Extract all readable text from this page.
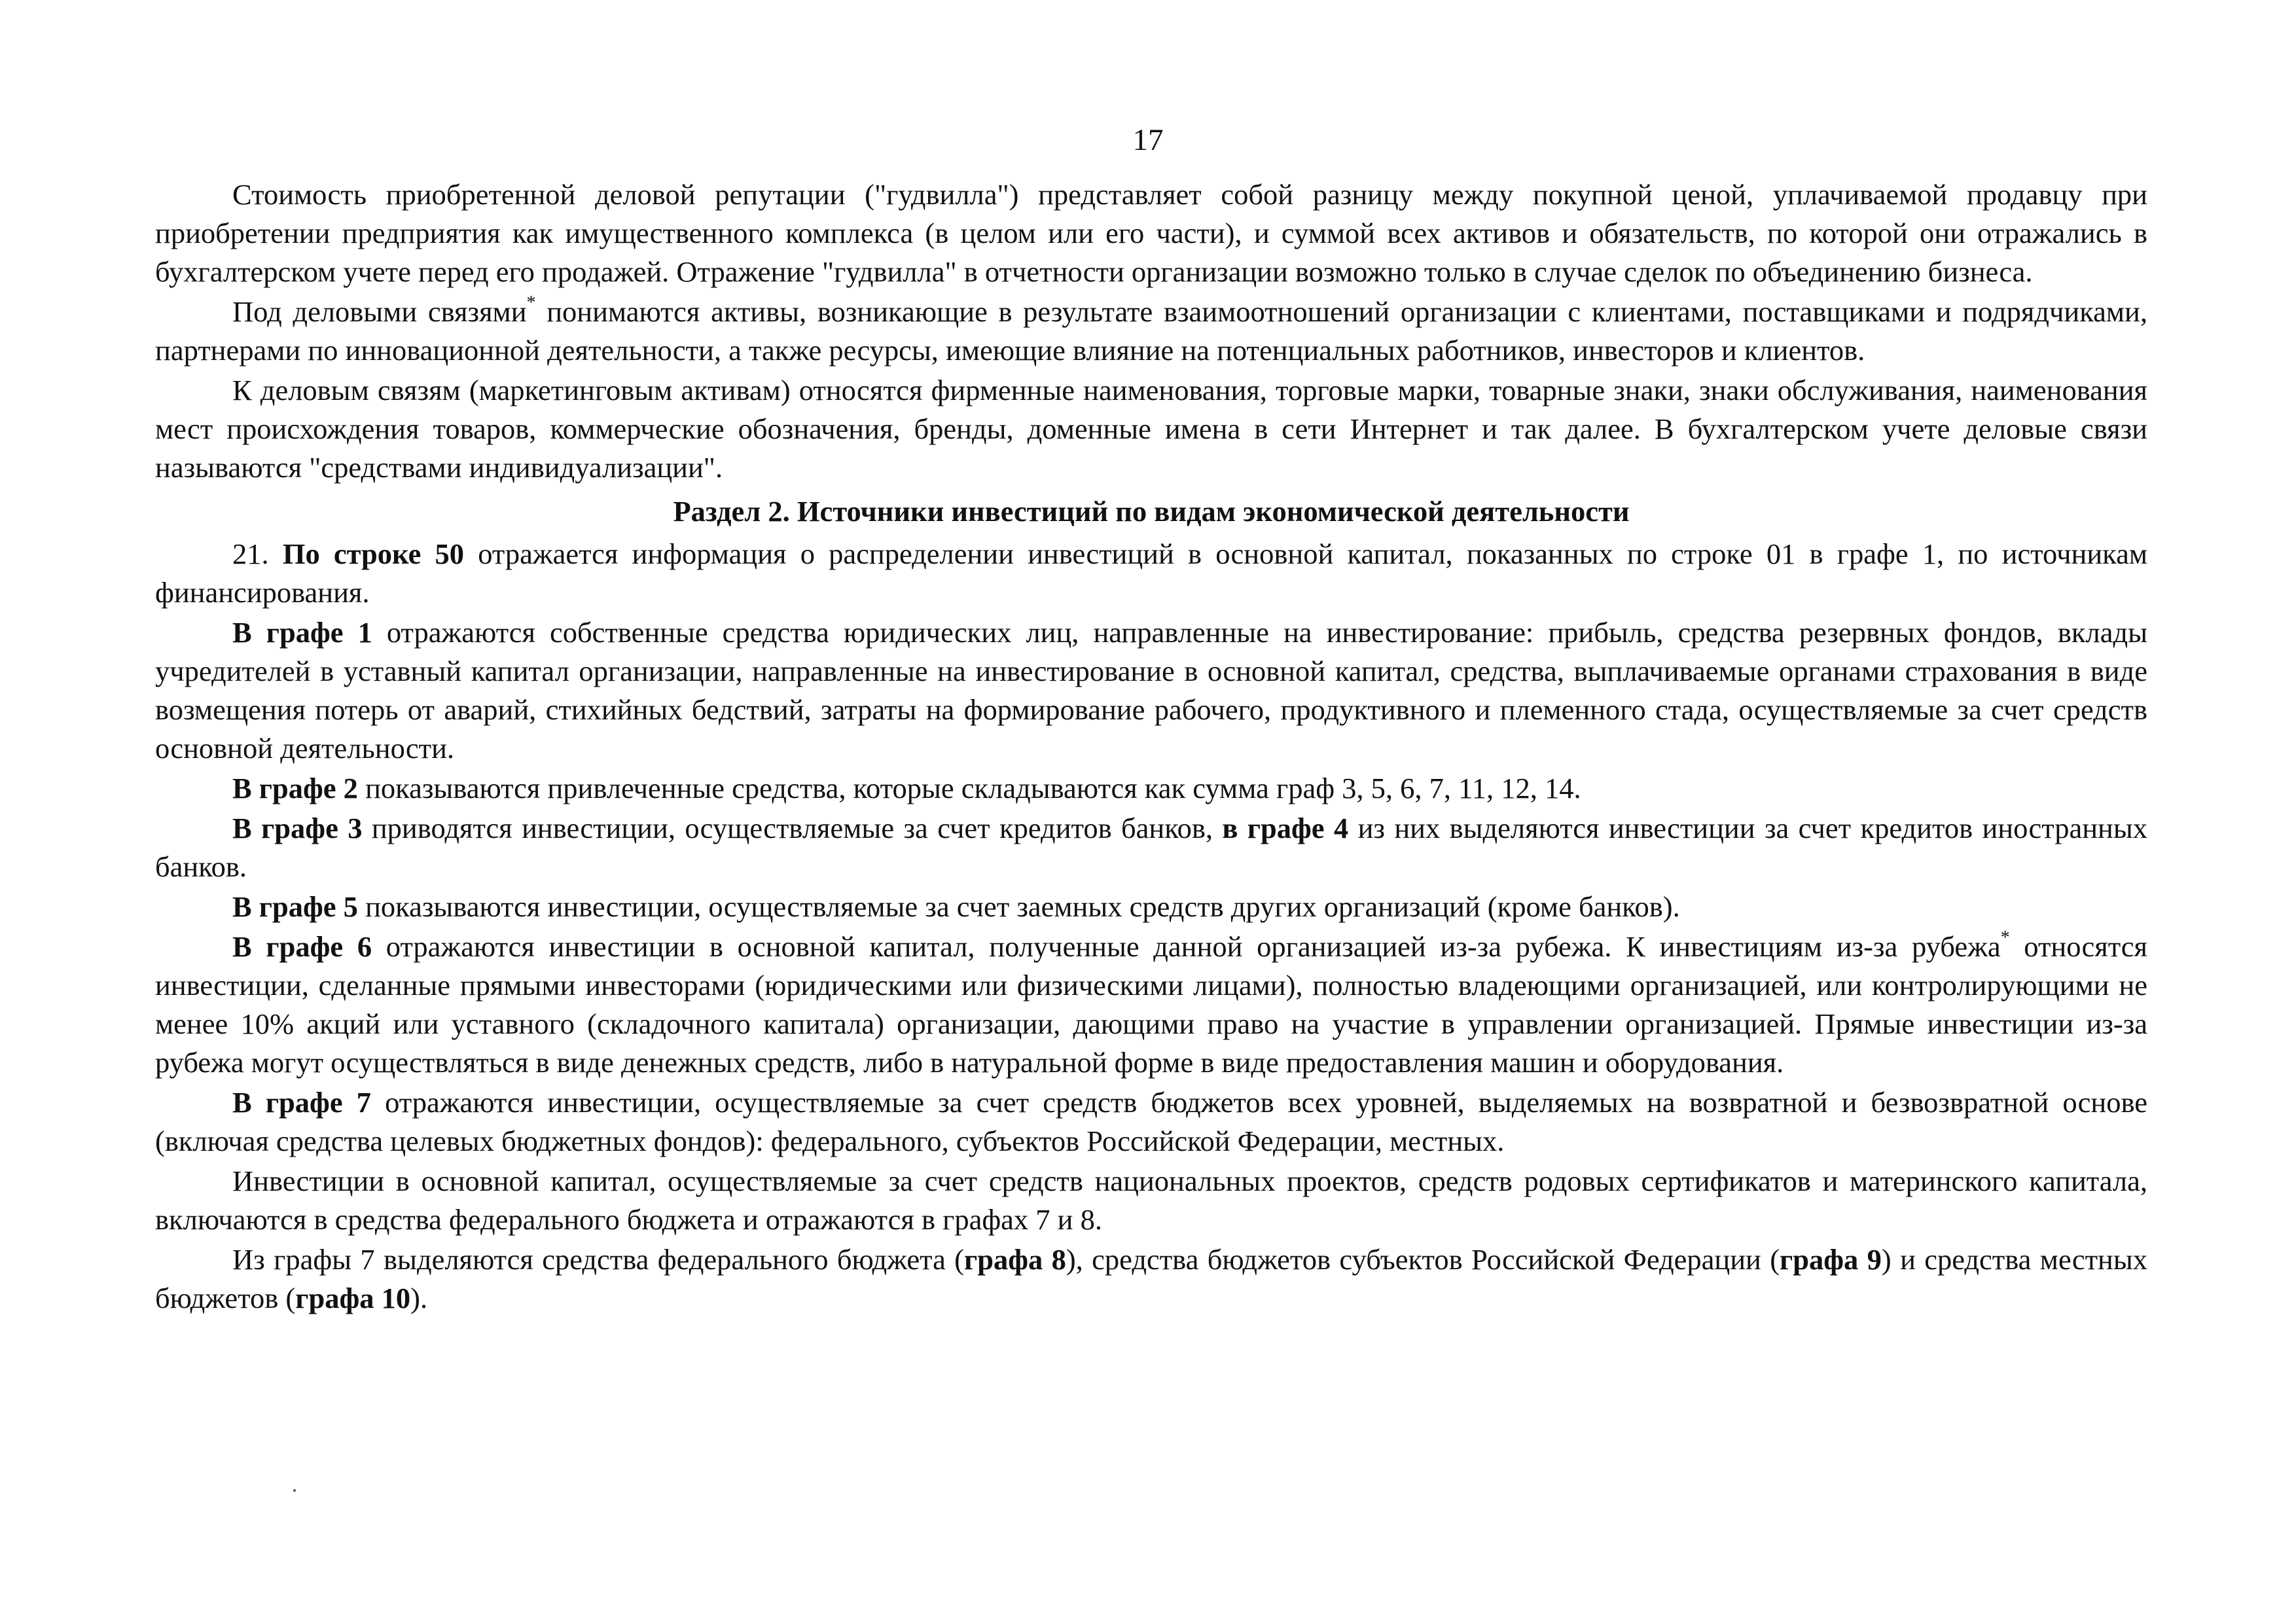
17

Стоимость приобретенной деловой репутации ("гудвилла") представляет собой разницу между покупной ценой, уплачиваемой продавцу при приобретении предприятия как имущественного комплекса (в целом или его части), и суммой всех активов и обязательств, по которой они отражались в бухгалтерском учете перед его продажей. Отражение "гудвилла" в отчетности организации возможно только в случае сделок по объединению бизнеса.

Под деловыми связями* понимаются активы, возникающие в результате взаимоотношений организации с клиентами, поставщиками и подрядчиками, партнерами по инновационной деятельности, а также ресурсы, имеющие влияние на потенциальных работников, инвесторов и клиентов.

К деловым связям (маркетинговым активам) относятся фирменные наименования, торговые марки, товарные знаки, знаки обслуживания, наименования мест происхождения товаров, коммерческие обозначения, бренды, доменные имена в сети Интернет и так далее. В бухгалтерском учете деловые связи называются "средствами индивидуализации".

Раздел 2. Источники инвестиций по видам экономической деятельности

21. По строке 50 отражается информация о распределении инвестиций в основной капитал, показанных по строке 01 в графе 1, по источникам финансирования.

В графе 1 отражаются собственные средства юридических лиц, направленные на инвестирование: прибыль, средства резервных фондов, вклады учредителей в уставный капитал организации, направленные на инвестирование в основной капитал, средства, выплачиваемые органами страхования в виде возмещения потерь от аварий, стихийных бедствий, затраты на формирование рабочего, продуктивного и племенного стада, осуществляемые за счет средств основной деятельности.

В графе 2 показываются привлеченные средства, которые складываются как сумма граф 3, 5, 6, 7, 11, 12, 14.

В графе 3 приводятся инвестиции, осуществляемые за счет кредитов банков, в графе 4 из них выделяются инвестиции за счет кредитов иностранных банков.

В графе 5 показываются инвестиции, осуществляемые за счет заемных средств других организаций (кроме банков).

В графе 6 отражаются инвестиции в основной капитал, полученные данной организацией из-за рубежа. К инвестициям из-за рубежа* относятся инвестиции, сделанные прямыми инвесторами (юридическими или физическими лицами), полностью владеющими организацией, или контролирующими не менее 10% акций или уставного (складочного капитала) организации, дающими право на участие в управлении организацией. Прямые инвестиции из-за рубежа могут осуществляться в виде денежных средств, либо в натуральной форме в виде предоставления машин и оборудования.

В графе 7 отражаются инвестиции, осуществляемые за счет средств бюджетов всех уровней, выделяемых на возвратной и безвозвратной основе (включая средства целевых бюджетных фондов): федерального, субъектов Российской Федерации, местных.

Инвестиции в основной капитал, осуществляемые за счет средств национальных проектов, средств родовых сертификатов и материнского капитала, включаются в средства федерального бюджета и отражаются в графах 7 и 8.

Из графы 7 выделяются средства федерального бюджета (графа 8), средства бюджетов субъектов Российской Федерации (графа 9) и средства местных бюджетов (графа 10).
